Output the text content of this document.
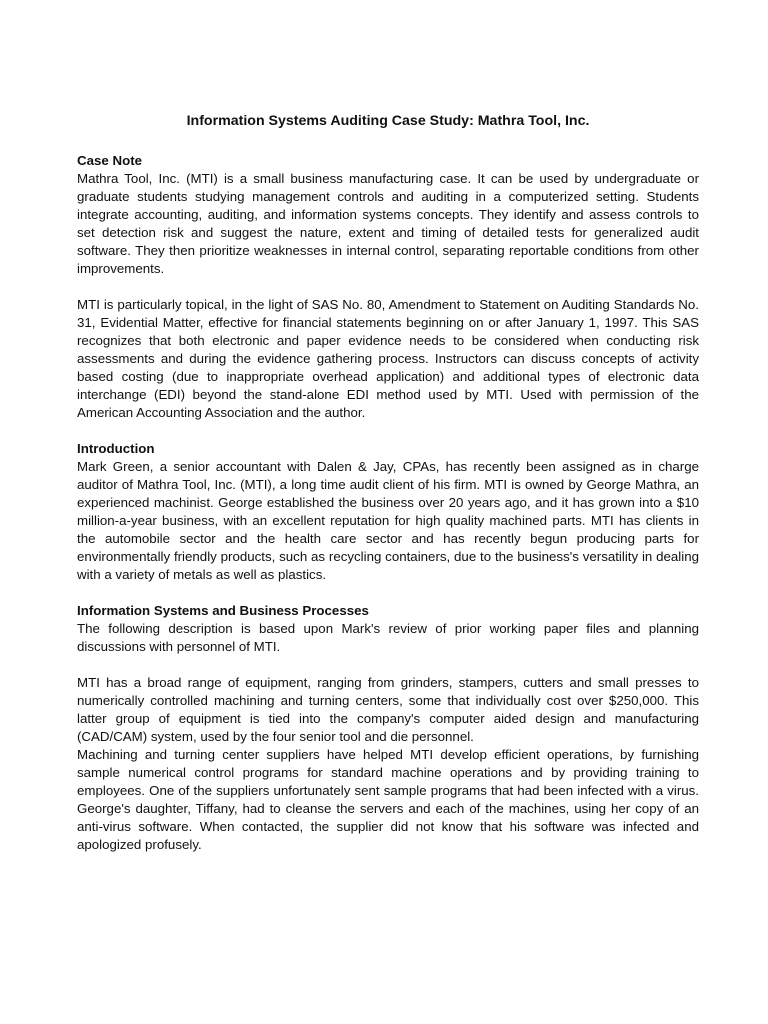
Information Systems Auditing Case Study: Mathra Tool, Inc.
Case Note

Mathra Tool, Inc. (MTI) is a small business manufacturing case. It can be used by undergraduate or graduate students studying management controls and auditing in a computerized setting. Students integrate accounting, auditing, and information systems concepts. They identify and assess controls to set detection risk and suggest the nature, extent and timing of detailed tests for generalized audit software. They then prioritize weaknesses in internal control, separating reportable conditions from other improvements.

MTI is particularly topical, in the light of SAS No. 80, Amendment to Statement on Auditing Standards No. 31, Evidential Matter, effective for financial statements beginning on or after January 1, 1997. This SAS recognizes that both electronic and paper evidence needs to be considered when conducting risk assessments and during the evidence gathering process. Instructors can discuss concepts of activity based costing (due to inappropriate overhead application) and additional types of electronic data interchange (EDI) beyond the stand-alone EDI method used by MTI. Used with permission of the American Accounting Association and the author.

Introduction

Mark Green, a senior accountant with Dalen & Jay, CPAs, has recently been assigned as in charge auditor of Mathra Tool, Inc. (MTI), a long time audit client of his firm. MTI is owned by George Mathra, an experienced machinist. George established the business over 20 years ago, and it has grown into a $10 million-a-year business, with an excellent reputation for high quality machined parts. MTI has clients in the automobile sector and the health care sector and has recently begun producing parts for environmentally friendly products, such as recycling containers, due to the business's versatility in dealing with a variety of metals as well as plastics.

Information Systems and Business Processes

The following description is based upon Mark's review of prior working paper files and planning discussions with personnel of MTI.

MTI has a broad range of equipment, ranging from grinders, stampers, cutters and small presses to numerically controlled machining and turning centers, some that individually cost over $250,000. This latter group of equipment is tied into the company's computer aided design and manufacturing (CAD/CAM) system, used by the four senior tool and die personnel.

Machining and turning center suppliers have helped MTI develop efficient operations, by furnishing sample numerical control programs for standard machine operations and by providing training to employees. One of the suppliers unfortunately sent sample programs that had been infected with a virus. George's daughter, Tiffany, had to cleanse the servers and each of the machines, using her copy of an anti-virus software. When contacted, the supplier did not know that his software was infected and apologized profusely.
